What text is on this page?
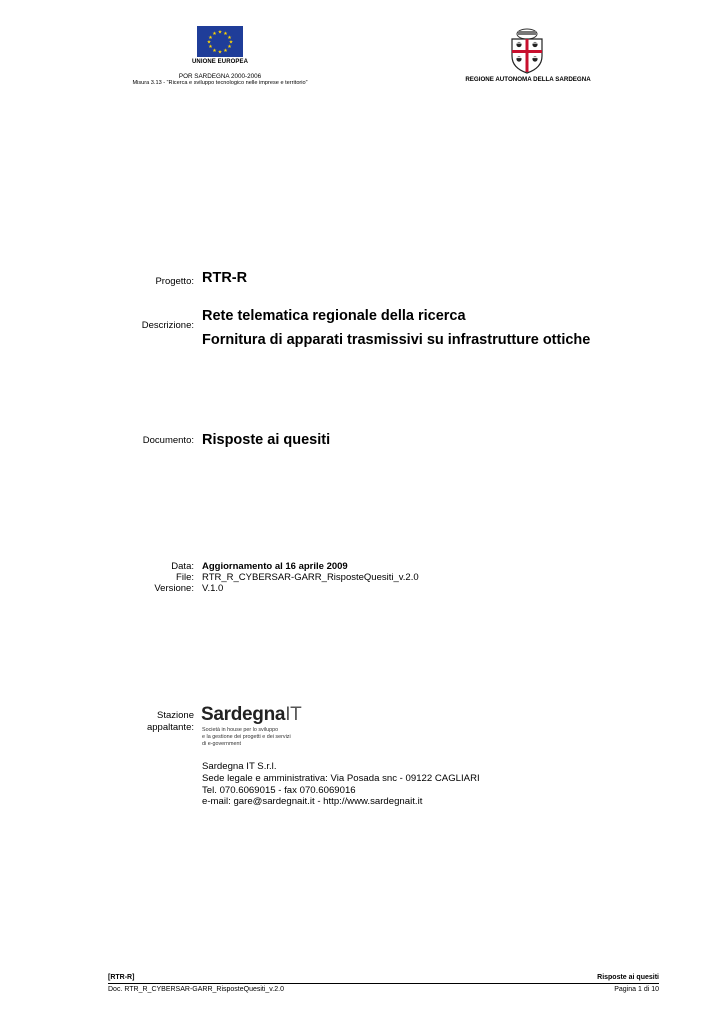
★ ★
★
★
★
★
★
★
★
★
★
★
UNIONE EUROPEA
POR SARDEGNA 2000-2006
Misura 3.13 - “Ricerca e sviluppo tecnologico nelle imprese e territorio”	REGIONE AUTONOMA DELLA SARDEGNA
Progetto: RTR-R
Descrizione:
Rete telematica regionale della ricerca
Fornitura di apparati trasmissivi su infrastrutture ottiche
Documento: Risposte ai quesiti
Data: Aggiornamento al 16 aprile 2009
File: RTR_R_CYBERSAR-GARR_RisposteQuesiti_v.2.0
Versione: V.1.0
Stazione
appaltante:
SardegnaIT
Società in house per lo sviluppo
e la gestione dei progetti e dei servizi
di e-government
Sardegna IT S.r.l.
Sede legale e amministrativa: Via Posada snc - 09122 CAGLIARI
Tel. 070.6069015 - fax 070.6069016
e-mail: gare@sardegnait.it - http://www.sardegnait.it
[RTR-R]	Risposte ai quesiti
Doc. RTR_R_CYBERSAR-GARR_RisposteQuesiti_v.2.0	Pagina 1 di 10
